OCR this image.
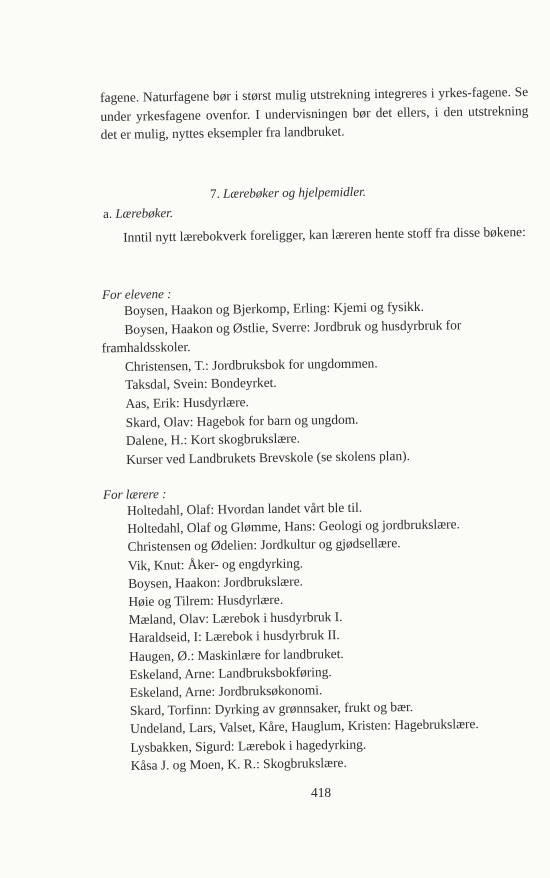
fagene. Naturfagene bør i størst mulig utstrekning integreres i yrkes-fagene. Se under yrkesfagene ovenfor. I undervisningen bør det ellers, i den utstrekning det er mulig, nyttes eksempler fra landbruket.

7. Lærebøker og hjelpemidler.
a. Lærebøker.

Inntil nytt lærebokverk foreligger, kan læreren hente stoff fra disse bøkene:

For elevene :
Boysen, Haakon og Bjerkomp, Erling: Kjemi og fysikk.
Boysen, Haakon og Østlie, Sverre: Jordbruk og husdyrbruk for
framhaldsskoler.
Christensen, T.: Jordbruksbok for ungdommen.
Taksdal, Svein: Bondeyrket.
Aas, Erik: Husdyrlære.
Skard, Olav: Hagebok for barn og ungdom.
Dalene, H.: Kort skogbrukslære.
Kurser ved Landbrukets Brevskole (se skolens plan).
For lærere :
Holtedahl, Olaf: Hvordan landet vårt ble til.
Holtedahl, Olaf og Glømme, Hans: Geologi og jordbrukslære.
Christensen og Ødelien: Jordkultur og gjødsellære.
Vik, Knut: Åker- og engdyrking.
Boysen, Haakon: Jordbrukslære.
Høie og Tilrem: Husdyrlære.
Mæland, Olav: Lærebok i husdyrbruk I.
Haraldseid, I: Lærebok i husdyrbruk II.
Haugen, Ø.: Maskinlære for landbruket.
Eskeland, Arne: Landbruksbokføring.
Eskeland, Arne: Jordbruksøkonomi.
Skard, Torfinn: Dyrking av grønnsaker, frukt og bær.
Undeland, Lars, Valset, Kåre, Hauglum, Kristen: Hagebrukslære.
Lysbakken, Sigurd: Lærebok i hagedyrking.
Kåsa J. og Moen, K. R.: Skogbrukslære.
418
